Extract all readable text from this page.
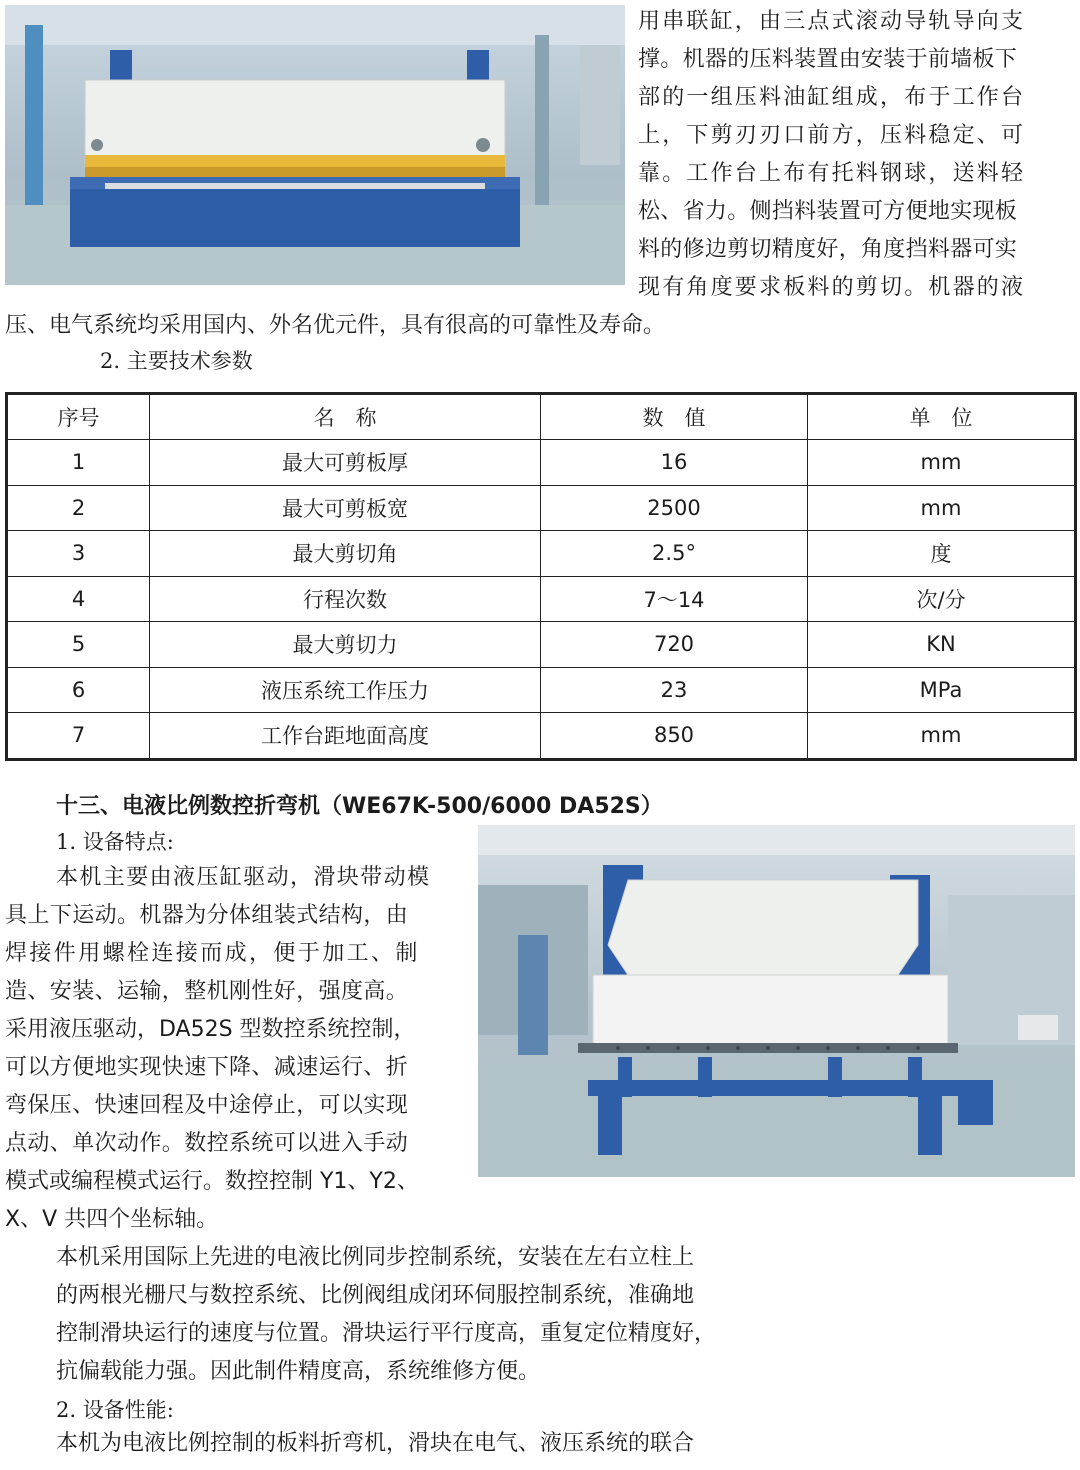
用串联缸，由三点式滚动导轨导向支
撑。机器的压料装置由安装于前墙板下
部的一组压料油缸组成，布于工作台
上，下剪刃刃口前方，压料稳定、可
靠。工作台上布有托料钢球，送料轻
松、省力。侧挡料装置可方便地实现板
料的修边剪切精度好，角度挡料器可实
现有角度要求板料的剪切。机器的液
压、电气系统均采用国内、外名优元件，具有很高的可靠性及寿命。
2. 主要技术参数
序号	名　称	数　值	单　位
1	最大可剪板厚	16	mm
2	最大可剪板宽	2500	mm
3	最大剪切角	2.5°	度
4	行程次数	7～14	次/分
5	最大剪切力	720	KN
6	液压系统工作压力	23	MPa
7	工作台距地面高度	850	mm
十三、电液比例数控折弯机（WE67K-500/6000 DA52S）
1. 设备特点:
本机主要由液压缸驱动，滑块带动模
具上下运动。机器为分体组装式结构，由
焊接件用螺栓连接而成，便于加工、制
造、安装、运输，整机刚性好，强度高。
采用液压驱动，DA52S 型数控系统控制，
可以方便地实现快速下降、减速运行、折
弯保压、快速回程及中途停止，可以实现
点动、单次动作。数控系统可以进入手动
模式或编程模式运行。数控控制 Y1、Y2、
X、V 共四个坐标轴。
本机采用国际上先进的电液比例同步控制系统，安装在左右立柱上
的两根光栅尺与数控系统、比例阀组成闭环伺服控制系统，准确地
控制滑块运行的速度与位置。滑块运行平行度高，重复定位精度好，
抗偏载能力强。因此制件精度高，系统维修方便。
2. 设备性能:
本机为电液比例控制的板料折弯机，滑块在电气、液压系统的联合
